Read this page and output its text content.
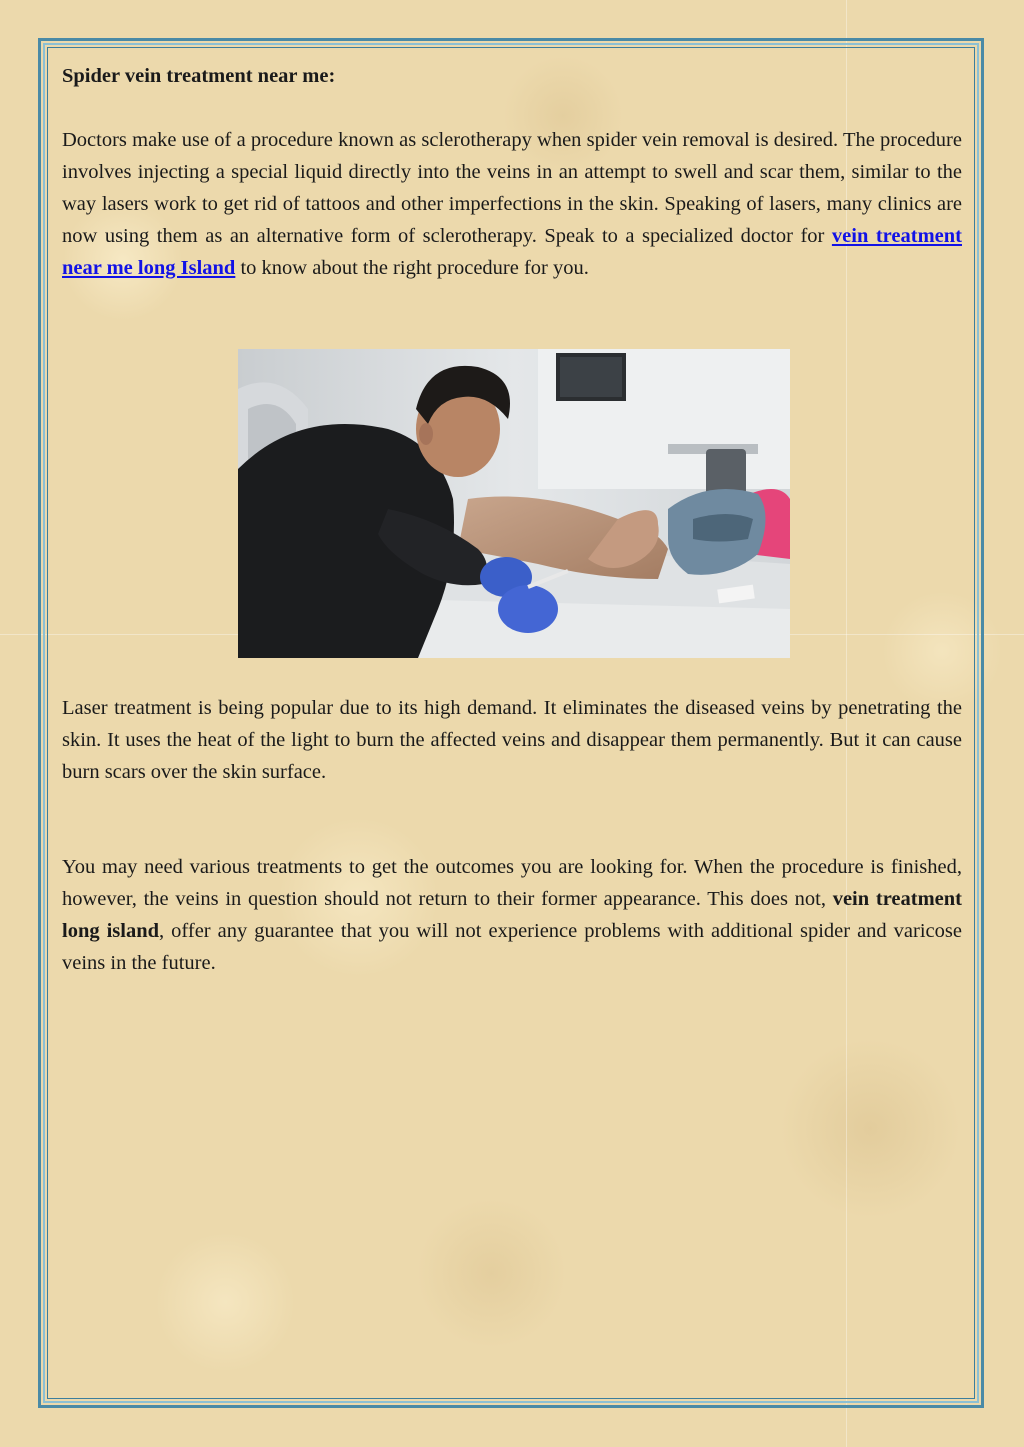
Spider vein treatment near me:

Doctors make use of a procedure known as sclerotherapy when spider vein removal is desired. The procedure involves injecting a special liquid directly into the veins in an attempt to swell and scar them, similar to the way lasers work to get rid of tattoos and other imperfections in the skin. Speaking of lasers, many clinics are now using them as an alternative form of sclerotherapy. Speak to a specialized doctor for vein treatment near me long Island to know about the right procedure for you.

Laser treatment is being popular due to its high demand. It eliminates the diseased veins by penetrating the skin. It uses the heat of the light to burn the affected veins and disappear them permanently. But it can cause burn scars over the skin surface.

You may need various treatments to get the outcomes you are looking for. When the procedure is finished, however, the veins in question should not return to their former appearance. This does not, vein treatment long island, offer any guarantee that you will not experience problems with additional spider and varicose veins in the future.
